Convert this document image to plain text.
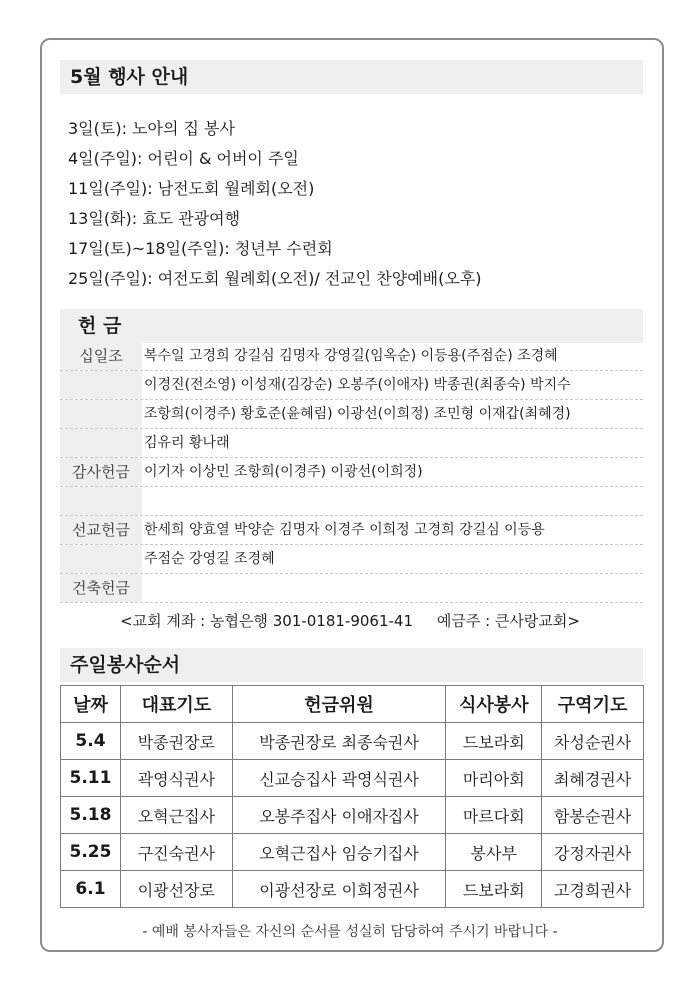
5월 행사 안내
3일(토): 노아의 집 봉사
4일(주일): 어린이 & 어버이 주일
11일(주일): 남전도회 월례회(오전)
13일(화): 효도 관광여행
17일(토)~18일(주일): 청년부 수련회
25일(주일): 여전도회 월례회(오전)/ 전교인 찬양예배(오후)
헌 금
십일조	복수일 고경희 강길심 김명자 강영길(임옥순) 이등용(주점순) 조경혜
이경진(전소영) 이성재(김강순) 오봉주(이애자) 박종권(최종숙) 박지수
조항희(이경주) 황호준(윤혜림) 이광선(이희정) 조민형 이재갑(최혜경)
김유리 황나래
감사헌금	이기자 이상민 조항희(이경주) 이광선(이희정)
선교헌금	한세희 양효열 박양순 김명자 이경주 이희정 고경희 강길심 이등용
주점순 강영길 조경혜
건축헌금
<교회 계좌 : 농협은행 301-0181-9061-41     예금주 : 큰사랑교회>
주일봉사순서
날짜	대표기도	헌금위원	식사봉사	구역기도
5.4	박종권장로	박종권장로 최종숙권사	드보라회	차성순권사
5.11	곽영식권사	신교승집사 곽영식권사	마리아회	최혜경권사
5.18	오혁근집사	오봉주집사 이애자집사	마르다회	함봉순권사
5.25	구진숙권사	오혁근집사 임승기집사	봉사부	강정자권사
6.1	이광선장로	이광선장로 이희정권사	드보라회	고경희권사
- 예배 봉사자들은 자신의 순서를 성실히 담당하여 주시기 바랍니다 -
